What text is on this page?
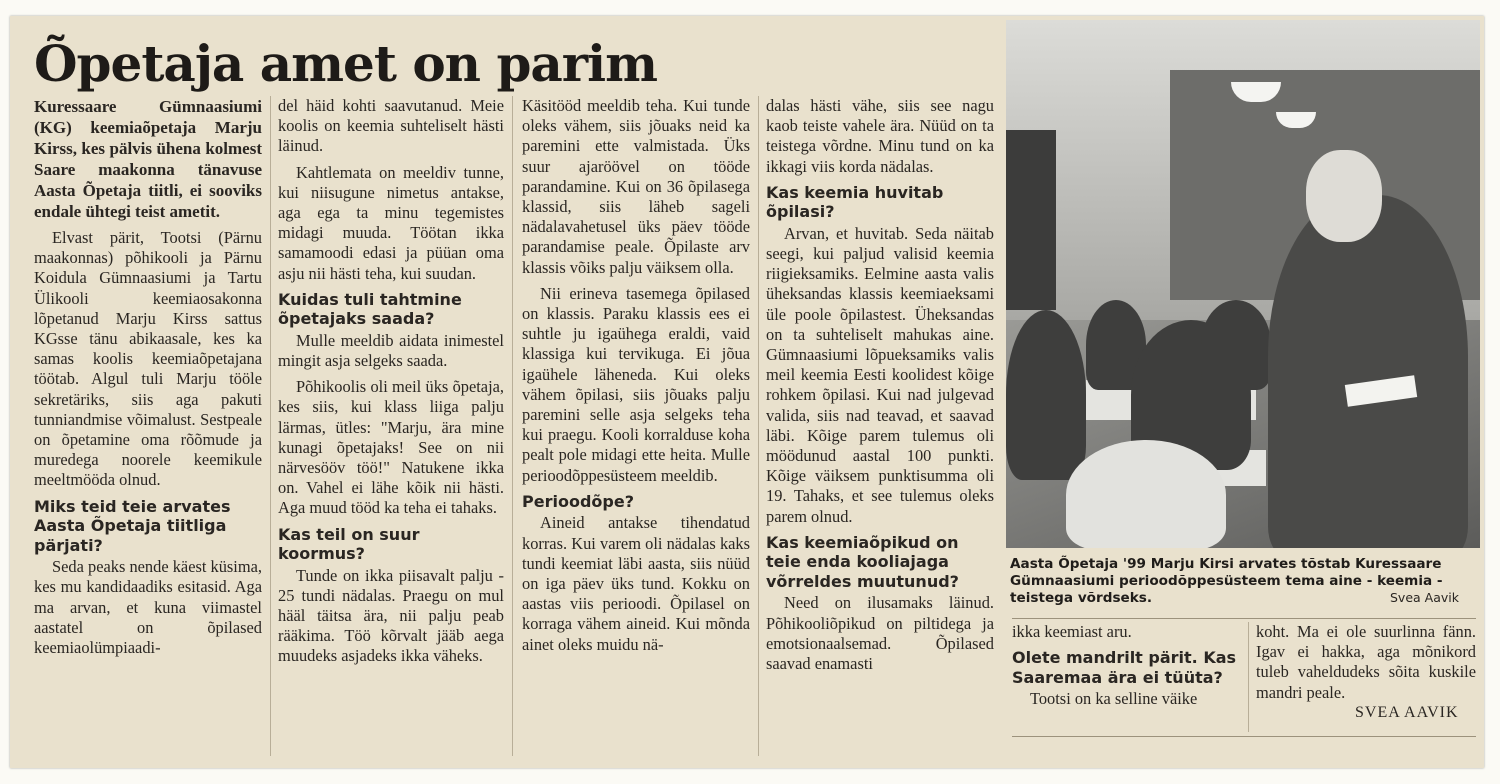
Õpetaja amet on parim

Kuressaare Gümnaasiumi (KG) keemiaõpetaja Marju Kirss, kes pälvis ühena kolmest Saare maakonna tänavuse Aasta Õpetaja tiitli, ei sooviks endale ühtegi teist ametit.

Elvast pärit, Tootsi (Pärnu maakonnas) põhikooli ja Pärnu Koidula Gümnaasiumi ja Tartu Ülikooli keemiaosakonna lõpetanud Marju Kirss sattus KGsse tänu abikaasale, kes ka samas koolis keemiaõpetajana töötab. Algul tuli Marju tööle sekretäriks, siis aga pakuti tunniandmise võimalust. Sestpeale on õpetamine oma rõõmude ja muredega noorele keemikule meeltmööda olnud.

Miks teid teie arvates Aasta Õpetaja tiitliga pärjati?

Seda peaks nende käest küsima, kes mu kandidaadiks esitasid. Aga ma arvan, et kuna viimastel aastatel on õpilased keemiaolümpiaadi-

del häid kohti saavutanud. Meie koolis on keemia suhteliselt hästi läinud.

Kahtlemata on meeldiv tunne, kui niisugune nimetus antakse, aga ega ta minu tegemistes midagi muuda. Töötan ikka samamoodi edasi ja püüan oma asju nii hästi teha, kui suudan.

Kuidas tuli tahtmine õpetajaks saada?

Mulle meeldib aidata inimestel mingit asja selgeks saada.

Põhikoolis oli meil üks õpetaja, kes siis, kui klass liiga palju lärmas, ütles: "Marju, ära mine kunagi õpetajaks! See on nii närvesööv töö!" Natukene ikka on. Vahel ei lähe kõik nii hästi. Aga muud tööd ka teha ei tahaks.

Kas teil on suur koormus?

Tunde on ikka piisavalt palju - 25 tundi nädalas. Praegu on mul hääl täitsa ära, nii palju peab rääkima. Töö kõrvalt jääb aega muudeks asjadeks ikka väheks.

Käsitööd meeldib teha. Kui tunde oleks vähem, siis jõuaks neid ka paremini ette valmistada. Üks suur ajaröövel on tööde parandamine. Kui on 36 õpilasega klassid, siis läheb sageli nädalavahetusel üks päev tööde parandamise peale. Õpilaste arv klassis võiks palju väiksem olla.

Nii erineva tasemega õpilased on klassis. Paraku klassis ees ei suhtle ju igaühega eraldi, vaid klassiga kui tervikuga. Ei jõua igaühele läheneda. Kui oleks vähem õpilasi, siis jõuaks palju paremini selle asja selgeks teha kui praegu. Kooli korralduse koha pealt pole midagi ette heita. Mulle perioodõppesüsteem meeldib.

Perioodõpe?

Aineid antakse tihendatud korras. Kui varem oli nädalas kaks tundi keemiat läbi aasta, siis nüüd on iga päev üks tund. Kokku on aastas viis perioodi. Õpilasel on korraga vähem aineid. Kui mõnda ainet oleks muidu nä-

dalas hästi vähe, siis see nagu kaob teiste vahele ära. Nüüd on ta teistega võrdne. Minu tund on ka ikkagi viis korda nädalas.

Kas keemia huvitab õpilasi?

Arvan, et huvitab. Seda näitab seegi, kui paljud valisid keemia riigieksamiks. Eelmine aasta valis üheksandas klassis keemiaeksami üle poole õpilastest. Üheksandas on ta suhteliselt mahukas aine. Gümnaasiumi lõpueksamiks valis meil keemia Eesti koolidest kõige rohkem õpilasi. Kui nad julgevad valida, siis nad teavad, et saavad läbi. Kõige parem tulemus oli möödunud aastal 100 punkti. Kõige väiksem punktisumma oli 19. Tahaks, et see tulemus oleks parem olnud.

Kas keemiaõpikud on teie enda kooliajaga võrreldes muutunud?

Need on ilusamaks läinud. Põhikooliõpikud on piltidega ja emotsionaalsemad. Õpilased saavad enamasti

Aasta Õpetaja '99 Marju Kirsi arvates tõstab Kuressaare Gümnaasiumi perioodõppesüsteem tema aine - keemia - teistega võrdseks.	Svea Aavik

ikka keemiast aru.

Olete mandrilt pärit. Kas Saaremaa ära ei tüüta?

Tootsi on ka selline väike

koht. Ma ei ole suurlinna fänn. Igav ei hakka, aga mõnikord tuleb vaheldudeks sõita kuskile mandri peale.

SVEA AAVIK
